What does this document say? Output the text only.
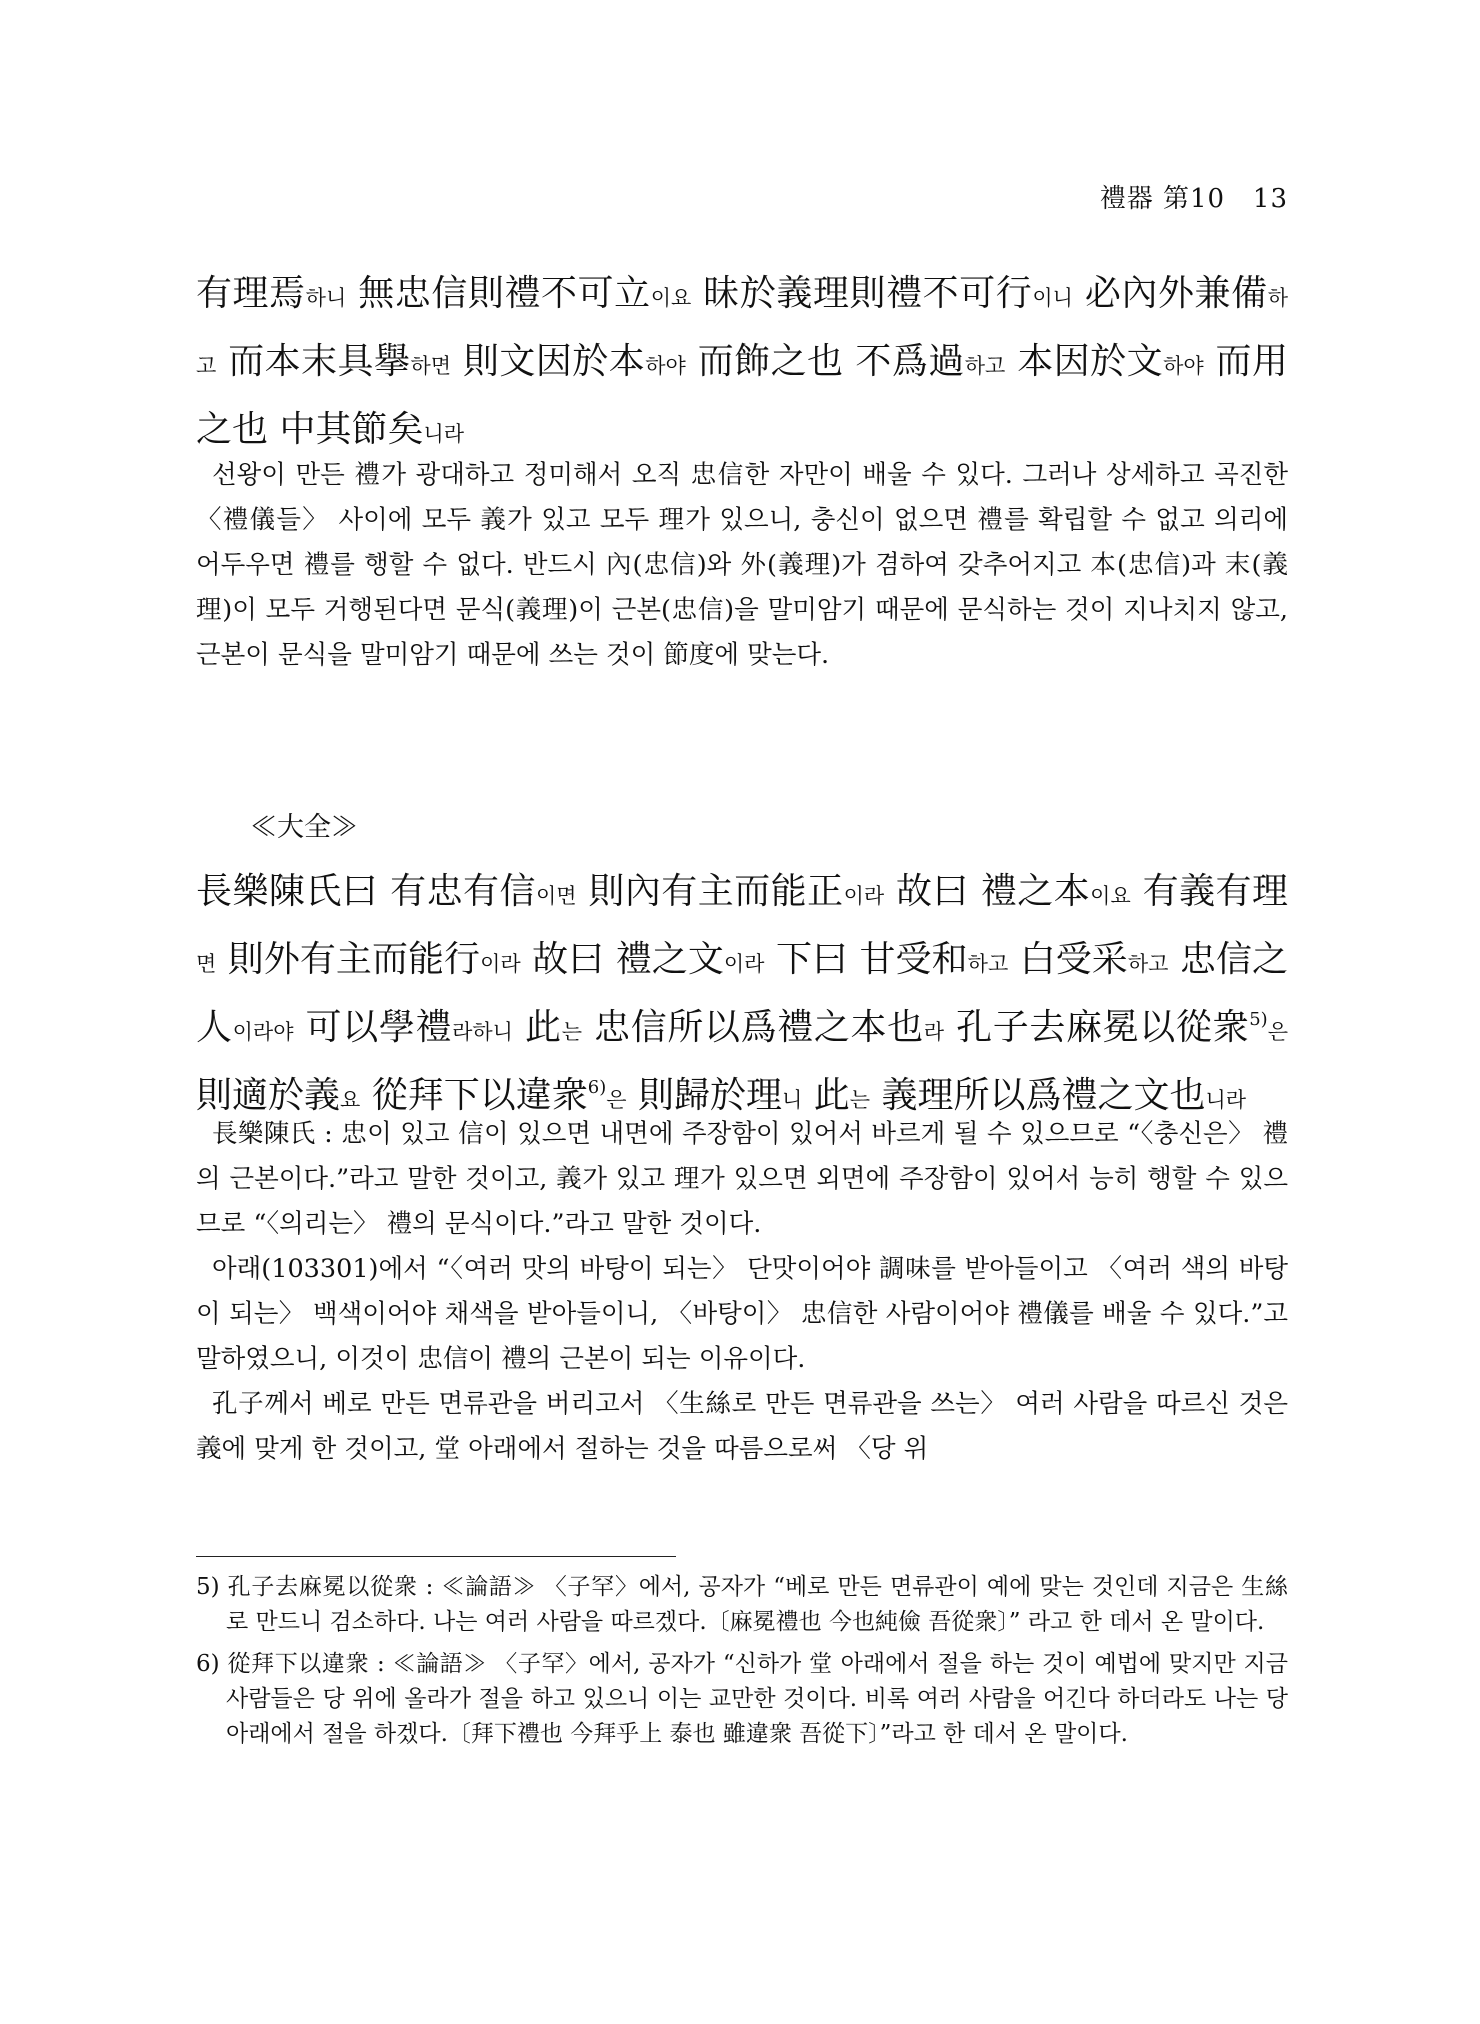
禮器 第10 13
有理焉하니 無忠信則禮不可立이요 昧於義理則禮不可行이니 必內外兼備하고 而本末具擧하면 則文因於本하야 而飾之也 不爲過하고 本因於文하야 而用之也 中其節矣니라

선왕이 만든 禮가 광대하고 정미해서 오직 忠信한 자만이 배울 수 있다. 그러나 상세하고 곡진한 〈禮儀들〉 사이에 모두 義가 있고 모두 理가 있으니, 충신이 없으면 禮를 확립할 수 없고 의리에 어두우면 禮를 행할 수 없다. 반드시 內(忠信)와 外(義理)가 겸하여 갖추어지고 本(忠信)과 末(義理)이 모두 거행된다면 문식(義理)이 근본(忠信)을 말미암기 때문에 문식하는 것이 지나치지 않고, 근본이 문식을 말미암기 때문에 쓰는 것이 節度에 맞는다.

≪大全≫
長樂陳氏曰 有忠有信이면 則內有主而能正이라 故曰 禮之本이요 有義有理면 則外有主而能行이라 故曰 禮之文이라 下曰 甘受和하고 白受采하고 忠信之人이라야 可以學禮라하니 此는 忠信所以爲禮之本也라 孔子去麻冕以從衆$^{5)}$은 則適於義요 從拜下以違衆$^{6)}$은 則歸於理니 此는 義理所以爲禮之文也니라

長樂陳氏 : 忠이 있고 信이 있으면 내면에 주장함이 있어서 바르게 될 수 있으므로 “〈충신은〉 禮의 근본이다.”라고 말한 것이고, 義가 있고 理가 있으면 외면에 주장함이 있어서 능히 행할 수 있으므로 “〈의리는〉 禮의 문식이다.”라고 말한 것이다.

아래(103301)에서 “〈여러 맛의 바탕이 되는〉 단맛이어야 調味를 받아들이고 〈여러 색의 바탕이 되는〉 백색이어야 채색을 받아들이니, 〈바탕이〉 忠信한 사람이어야 禮儀를 배울 수 있다.”고 말하였으니, 이것이 忠信이 禮의 근본이 되는 이유이다.

孔子께서 베로 만든 면류관을 버리고서 〈生絲로 만든 면류관을 쓰는〉 여러 사람을 따르신 것은 義에 맞게 한 것이고, 堂 아래에서 절하는 것을 따름으로써 〈당 위

5) 孔子去麻冕以從衆 : ≪論語≫ 〈子罕〉에서, 공자가 “베로 만든 면류관이 예에 맞는 것인데 지금은 生絲로 만드니 검소하다. 나는 여러 사람을 따르겠다.〔麻冕禮也 今也純儉 吾從衆〕” 라고 한 데서 온 말이다.

6) 從拜下以違衆 : ≪論語≫ 〈子罕〉에서, 공자가 “신하가 堂 아래에서 절을 하는 것이 예법에 맞지만 지금 사람들은 당 위에 올라가 절을 하고 있으니 이는 교만한 것이다. 비록 여러 사람을 어긴다 하더라도 나는 당 아래에서 절을 하겠다.〔拜下禮也 今拜乎上 泰也 雖違衆 吾從下〕”라고 한 데서 온 말이다.
